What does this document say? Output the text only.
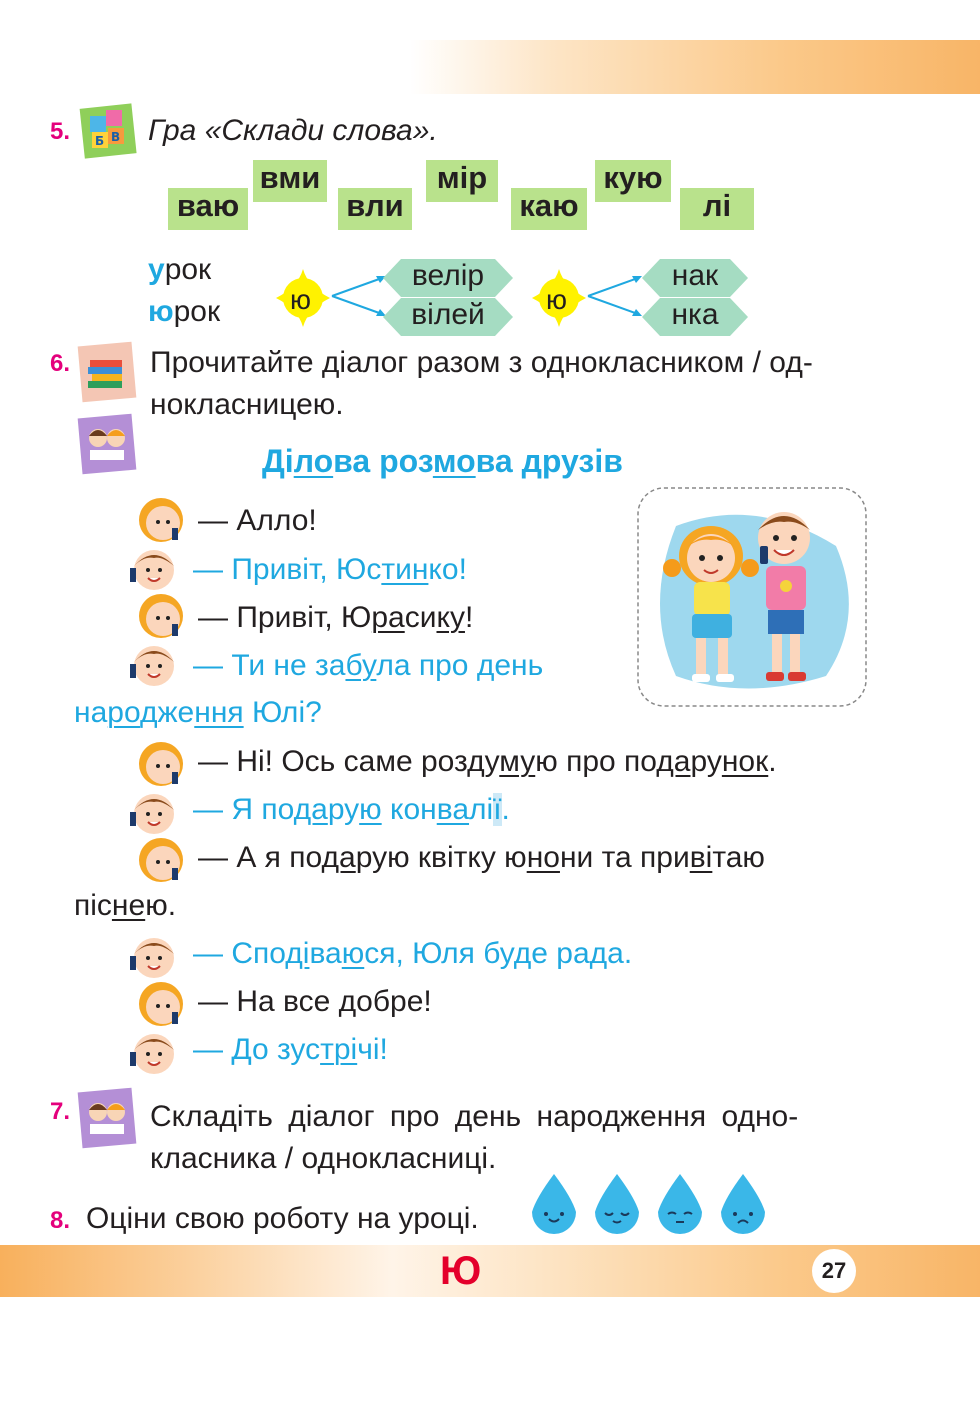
5. Б В Гра «Склади слова».
ваю
вми
вли
мір
каю
кую
лі
урок
юрок ю
велір
вілей	ю
нак
нка
6.	Прочитайте діалог разом з однокласником / од-
нокласницею.
Ділова розмова друзів
— Алло!
— Привіт, Юстинко!
— Привіт, Юрасику!
— Ти не забула про день
народження Юлі?
— Ні! Ось саме роздумую про подарунок.
— Я подарую конвалії.
— А я подарую квітку юнони та привітаю
піснею.
— Сподіваюся, Юля буде рада.
— На все добре!
— До зустрічі!
7.	Складіть діалог про день народження одно-
класника / однокласниці.
8. Оціни свою роботу на уроці.
Ю	27
